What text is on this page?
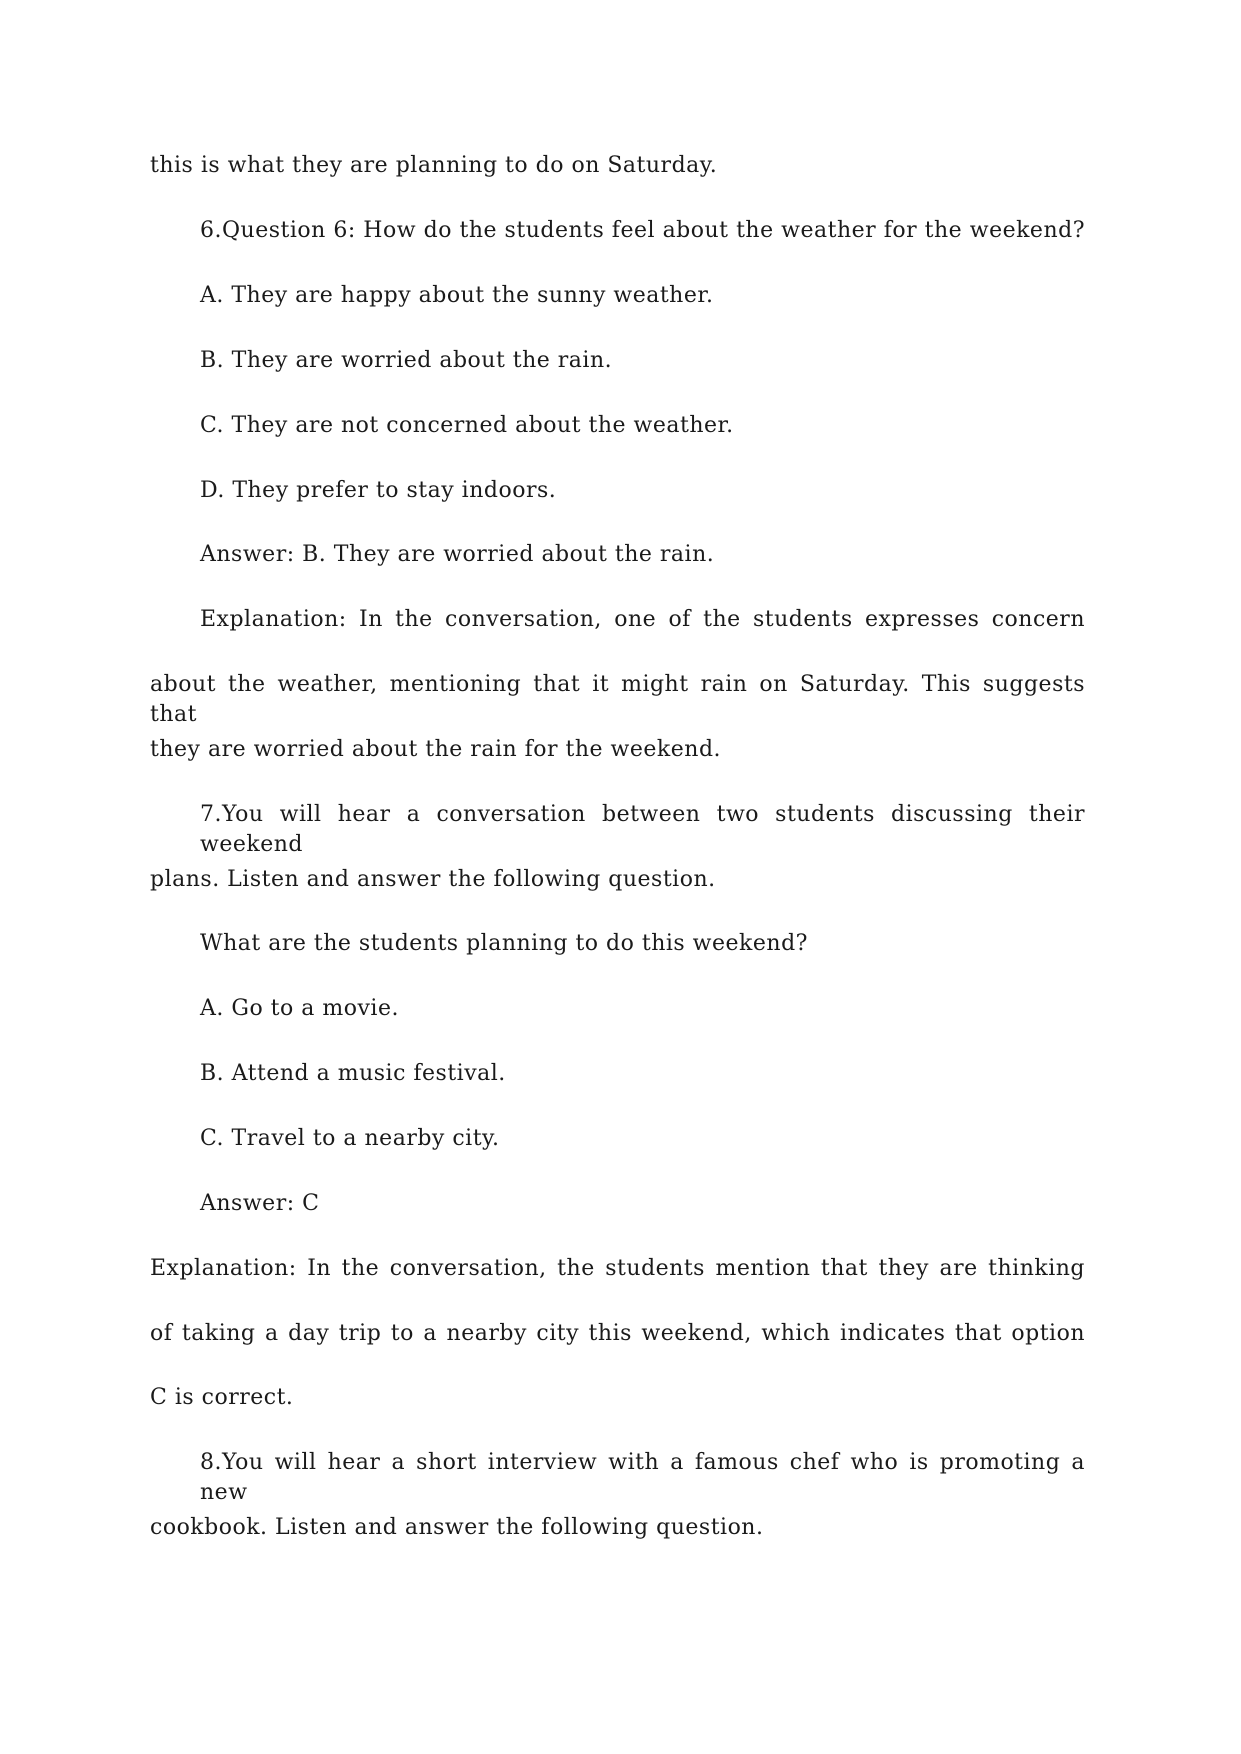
this is what they are planning to do on Saturday.
6.Question 6: How do the students feel about the weather for the weekend?
A. They are happy about the sunny weather.
B. They are worried about the rain.
C. They are not concerned about the weather.
D. They prefer to stay indoors.
Answer: B. They are worried about the rain.
Explanation: In the conversation, one of the students expresses concern
about the weather, mentioning that it might rain on Saturday. This suggests that
they are worried about the rain for the weekend.
7.You will hear a conversation between two students discussing their weekend
plans. Listen and answer the following question.
What are the students planning to do this weekend?
A. Go to a movie.
B. Attend a music festival.
C. Travel to a nearby city.
Answer: C
Explanation: In the conversation, the students mention that they are thinking
of taking a day trip to a nearby city this weekend, which indicates that option
C is correct.
8.You will hear a short interview with a famous chef who is promoting a new
cookbook. Listen and answer the following question.
